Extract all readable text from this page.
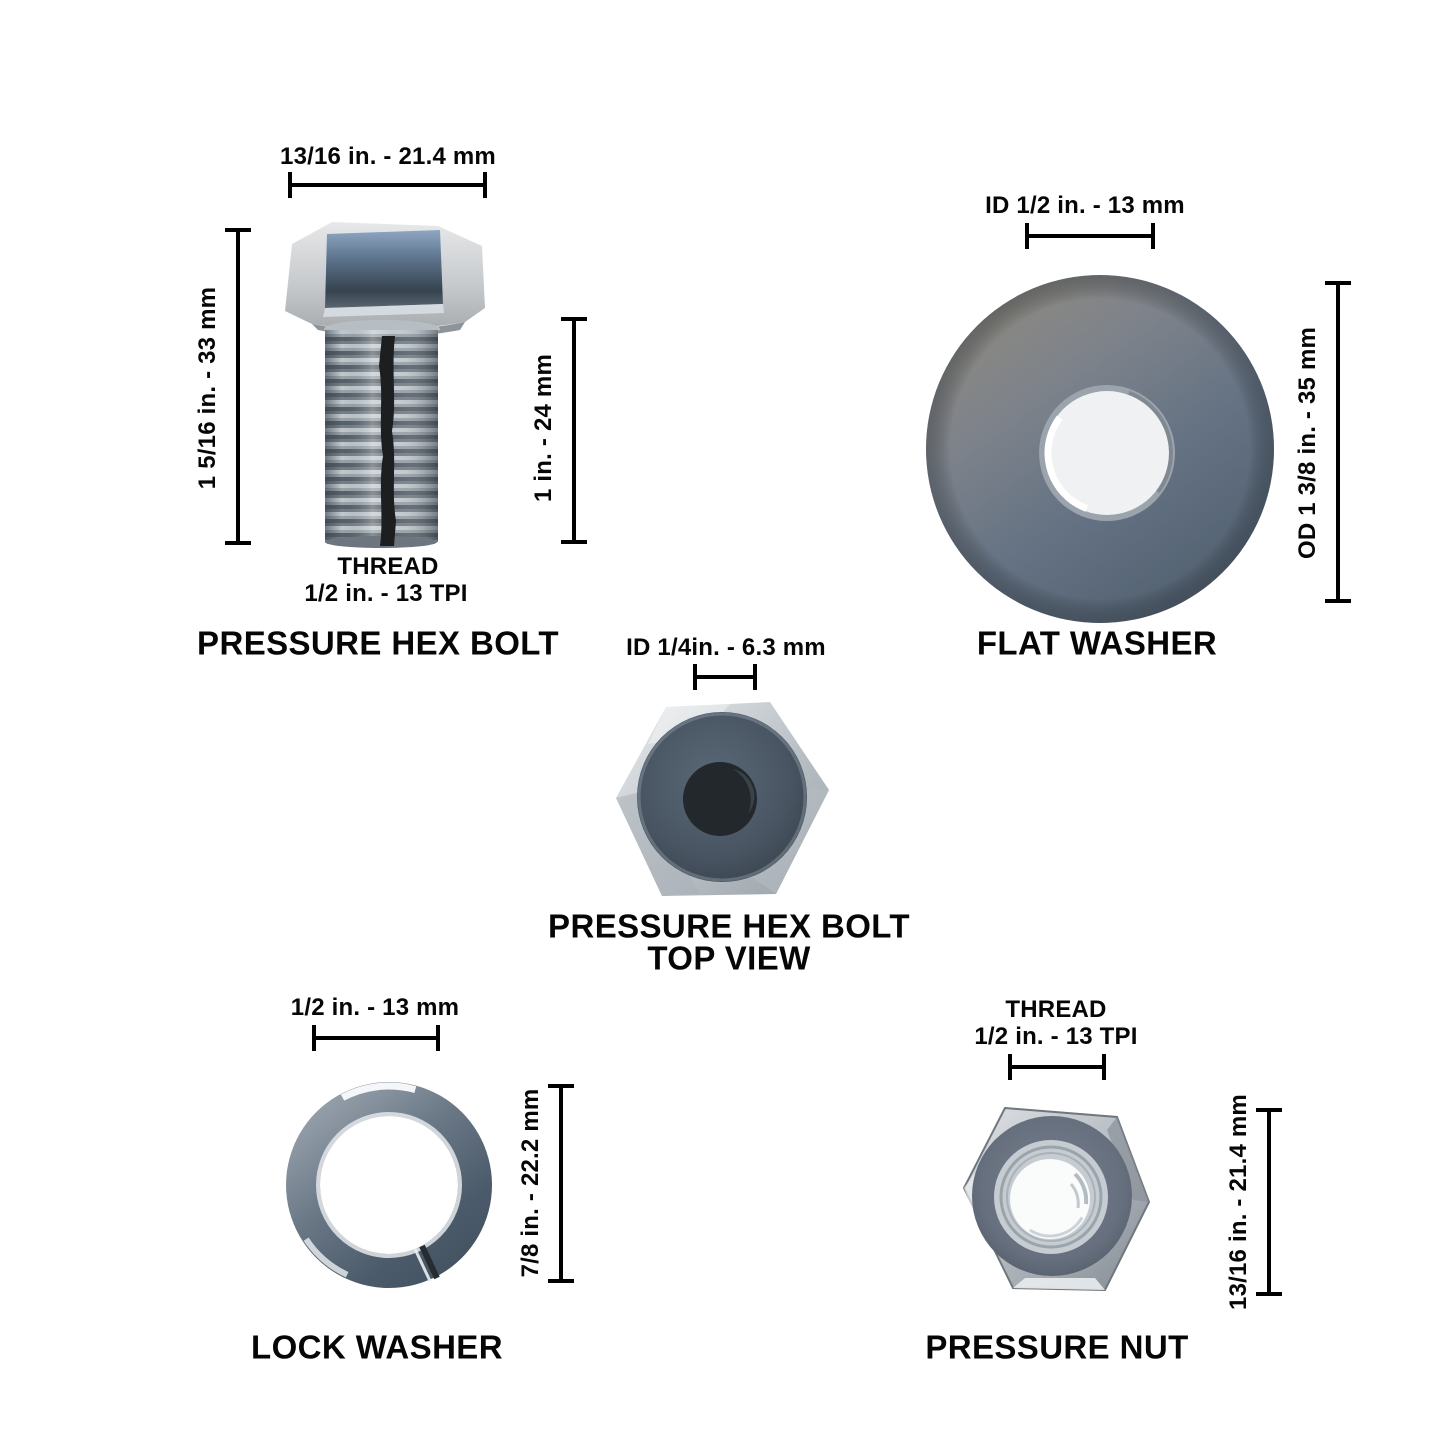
13/16 in. - 21.4 mm
1 5/16 in. - 33 mm	1 in. - 24 mm
THREAD
1/2 in. - 13 TPI
PRESSURE HEX BOLT
ID 1/2 in. - 13 mm
OD 1 3/8 in. - 35 mm
FLAT WASHER
ID 1/4in. - 6.3 mm
PRESSURE HEX BOLT
TOP VIEW
1/2 in. - 13 mm
7/8 in. - 22.2 mm
LOCK WASHER
THREAD
1/2 in. - 13 TPI
13/16 in. - 21.4 mm
PRESSURE NUT
